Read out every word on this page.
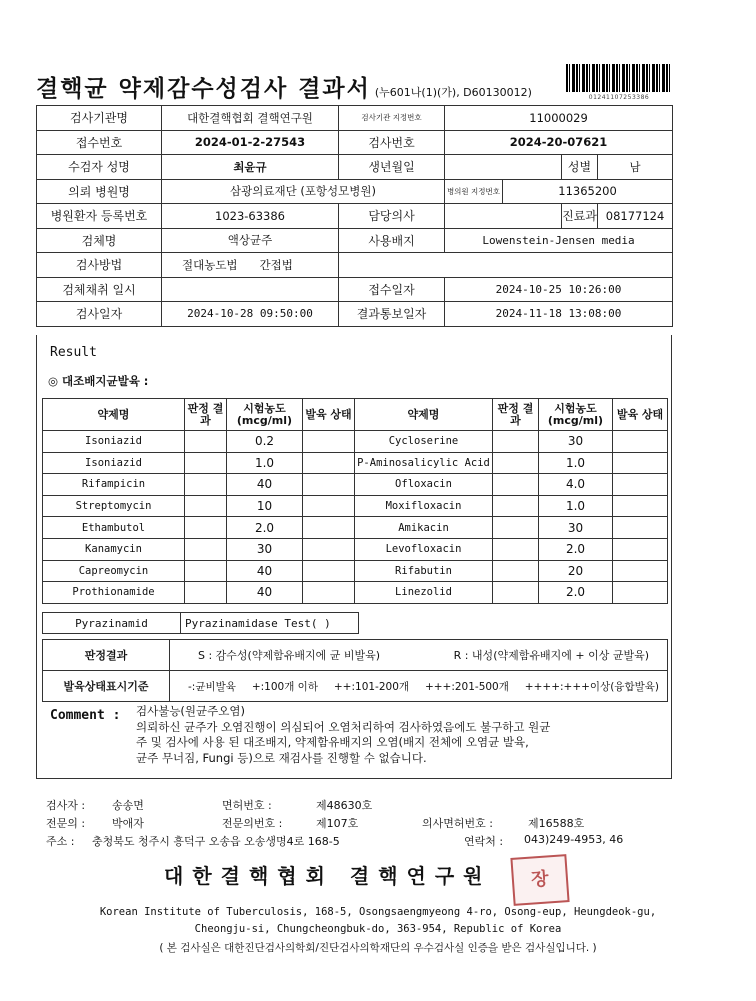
결핵균 약제감수성검사 결과서 (누601나(1)(가), D60130012)	01241107253386
검사기관명	대한결핵협회 결핵연구원	검사기관 지정번호	11000029			
접수번호	2024-01-2-27543	검사번호	2024-20-07621			
수검자 성명	최윤규	생년월일			성별	남
의뢰 병원명	삼광의료재단 (포항성모병원)		병의원 지정번호	11365200		
병원환자 등록번호	1023-63386	담당의사			진료과	08177124
검체명	액상균주	사용배지	Lowenstein-Jensen media			
검사방법	절대농도법 간접법					
검체채취 일시		접수일자	2024-10-25 10:26:00			
검사일자	2024-10-28 09:50:00	결과통보일자	2024-11-18 13:08:00			
Result
◎ 대조배지균발육 :
약제명	판정 결과	시험농도 (mcg/ml)	발육 상태	약제명	판정 결과	시험농도 (mcg/ml)	발육 상태
Isoniazid		0.2		Cycloserine		30	
Isoniazid		1.0		P-Aminosalicylic Acid		1.0	
Rifampicin		40		Ofloxacin		4.0	
Streptomycin		10		Moxifloxacin		1.0	
Ethambutol		2.0		Amikacin		30	
Kanamycin		30		Levofloxacin		2.0	
Capreomycin		40		Rifabutin		20	
Prothionamide		40		Linezolid		2.0	
Pyrazinamid	Pyrazinamidase Test( )
판정결과	S : 감수성(약제함유배지에 균 비발육) R : 내성(약제함유배지에 + 이상 균발육)

발육상태표시기준	-:균비발육 +:100개 이하 ++:101-200개 +++:201-500개 ++++:+++이상(융합발육)
Comment : 검사불능(원균주오염)
의뢰하신 균주가 오염진행이 의심되어 오염처리하여 검사하였음에도 불구하고 원균
주 및 검사에 사용 된 대조배지, 약제함유배지의 오염(배지 전체에 오염균 발육,
균주 무너짐, Fungi 등)으로 재검사를 진행할 수 없습니다.
검사자 : 송송면	면허번호 :	제48630호
전문의 : 박애자	전문의번호 :	제107호	의사면허번호 :	제16588호
주소 : 충청북도 청주시 흥덕구 오송읍 오송생명4로 168-5	연락처 : 043)249-4953, 46
대한결핵협회 결핵연구원	장
Korean Institute of Tuberculosis, 168-5, Osongsaengmyeong 4-ro, Osong-eup, Heungdeok-gu,
Cheongju-si, Chungcheongbuk-do, 363-954, Republic of Korea
( 본 검사실은 대한진단검사의학회/진단검사의학재단의 우수검사실 인증을 받은 검사실입니다. )
